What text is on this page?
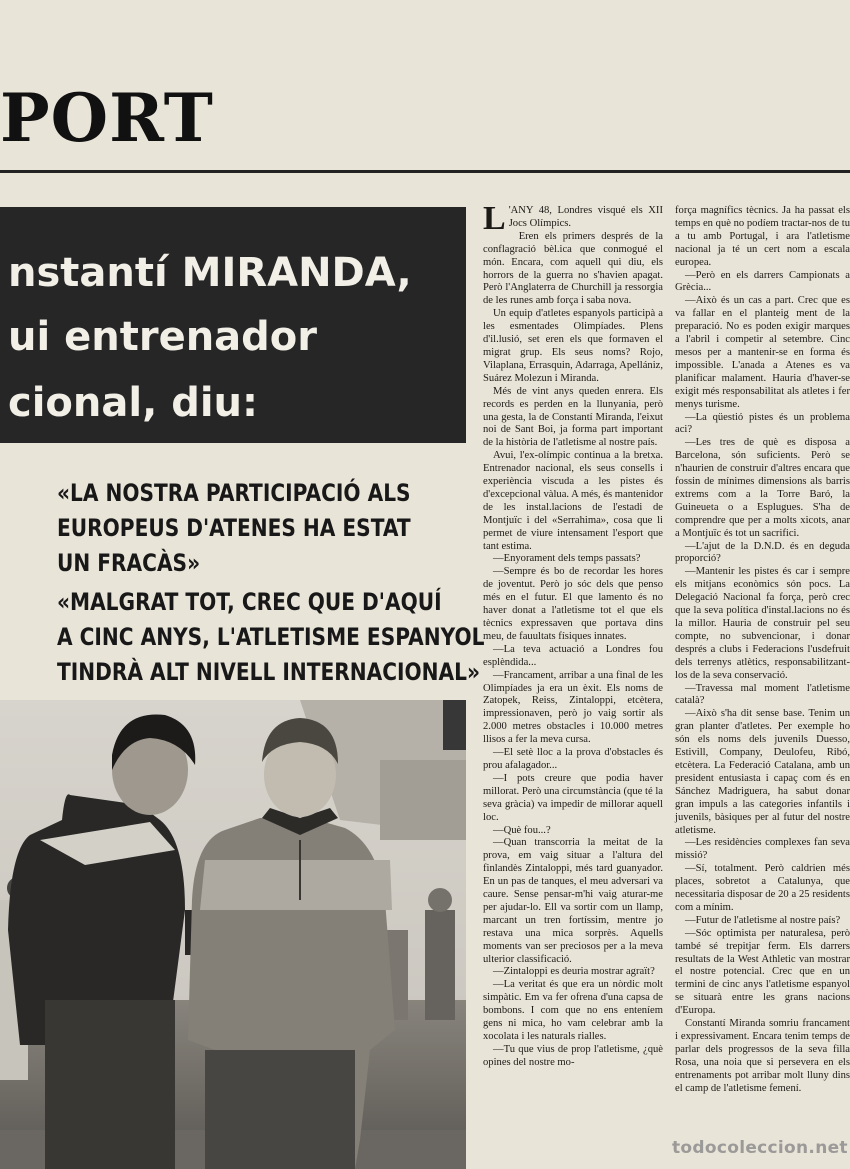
PORT
nstantí MIRANDA,
ui entrenador
cional, diu:
«LA NOSTRA PARTICIPACIÓ ALS
EUROPEUS D'ATENES HA ESTAT
UN FRACÀS»
«MALGRAT TOT, CREC QUE D'AQUÍ
A CINC ANYS, L'ATLETISME ESPANYOL
TINDRÀ ALT NIVELL INTERNACIONAL»

L 'ANY 48, Londres visqué els XII Jocs Olímpics.

Eren els primers després de la conflagració bèl.ica que conmogué el món. Encara, com aquell qui diu, els horrors de la guerra no s'havien apagat. Però l'Anglaterra de Churchill ja ressorgia de les runes amb força i saba nova.

Un equip d'atletes espanyols participà a les esmentades Olimpíades. Plens d'il.lusió, set eren els que formaven el migrat grup. Els seus noms? Rojo, Vilaplana, Errasquin, Adarraga, Apellániz, Suárez Molezun i Miranda.

Més de vint anys queden enrera. Els records es perden en la llunyania, però una gesta, la de Constantí Miranda, l'eixut noi de Sant Boi, ja forma part important de la història de l'atletisme al nostre país.

Avui, l'ex-olímpic continua a la bretxa. Entrenador nacional, els seus consells i experiència viscuda a les pistes és d'excepcional vàlua. A més, és mantenidor de les instal.lacions de l'estadi de Montjuïc i del «Serrahima», cosa que li permet de viure intensament l'esport que tant estima.

—Enyorament dels temps passats?

—Sempre és bo de recordar les hores de joventut. Però jo sóc dels que penso més en el futur. El que lamento és no haver donat a l'atletisme tot el que els tècnics expressaven que portava dins meu, de fauultats físiques innates.

—La teva actuació a Londres fou esplèndida...

—Francament, arribar a una final de les Olimpíades ja era un èxit. Els noms de Zatopek, Reiss, Zintaloppi, etcètera, impressionaven, però jo vaig sortir als 2.000 metres obstacles i 10.000 metres llisos a fer la meva cursa.

—El setè lloc a la prova d'obstacles és prou afalagador...

—I pots creure que podia haver millorat. Però una circumstància (que té la seva gràcia) va impedir de millorar aquell loc.

—Què fou...?

—Quan transcorria la meitat de la prova, em vaig situar a l'altura del finlandès Zintaloppi, més tard guanyador. En un pas de tanques, el meu adversari va caure. Sense pensar-m'hi vaig aturar-me per ajudar-lo. Ell va sortir com un llamp, marcant un tren fortíssim, mentre jo restava una mica sorprès. Aquells moments van ser preciosos per a la meva ulterior classificació.

—Zintaloppi es deuria mostrar agraït?

—La veritat és que era un nòrdic molt simpàtic. Em va fer ofrena d'una capsa de bombons. I com que no ens enteníem gens ni mica, ho vam celebrar amb la xocolata i les naturals rialles.

—Tu que vius de prop l'atletisme, ¿què opines del nostre mo-

força magnífics tècnics. Ja ha passat els temps en què no podíem tractar-nos de tu a tu amb Portugal, i ara l'atletisme nacional ja té un cert nom a escala europea.

—Però en els darrers Campionats a Grècia...

—Això és un cas a part. Crec que es va fallar en el planteig ment de la preparació. No es poden exigir marques a l'abril i competir al setembre. Cinc mesos per a mantenir-se en forma és impossible. L'anada a Atenes es va planificar malament. Hauria d'haver-se exigit més responsabilitat als atletes i fer menys turisme.

—La qüestió pistes és un problema aci?

—Les tres de què es disposa a Barcelona, són suficients. Però se n'haurien de construir d'altres encara que fossin de mínimes dimensions als barris extrems com a la Torre Baró, la Guineueta o a Esplugues. S'ha de comprendre que per a molts xicots, anar a Montjuïc és tot un sacrifici.

—L'ajut de la D.N.D. és en deguda proporció?

—Mantenir les pistes és car i sempre els mitjans econòmics són pocs. La Delegació Nacional fa força, però crec que la seva política d'instal.lacions no és la millor. Hauria de construir pel seu compte, no subvencionar, i donar després a clubs i Federacions l'usdefruit dels terrenys atlètics, responsabilitzant-los de la seva conservació.

—Travessa mal moment l'atletisme català?

—Això s'ha dit sense base. Tenim un gran planter d'atletes. Per exemple ho són els noms dels juvenils Duesso, Estivill, Company, Deulofeu, Ribó, etcètera. La Federació Catalana, amb un president entusiasta i capaç com és en Sánchez Madriguera, ha sabut donar gran impuls a las categories infantils i juvenils, bàsiques per al futur del nostre atletisme.

—Les residències complexes fan seva missió?

—Sí, totalment. Però caldrien més places, sobretot a Catalunya, que necessitaria disposar de 20 a 25 residents com a mínim.

—Futur de l'atletisme al nostre país?

—Sóc optimista per naturalesa, però també sé trepitjar ferm. Els darrers resultats de la West Athletic van mostrar el nostre potencial. Crec que en un termini de cinc anys l'atletisme espanyol se situarà entre les grans nacions d'Europa.

Constantí Miranda somriu francament i expressivament. Encara tenim temps de parlar dels progressos de la seva filla Rosa, una noia que si persevera en els entrenaments pot arribar molt lluny dins el camp de l'atletisme femení.

todocoleccion.net
